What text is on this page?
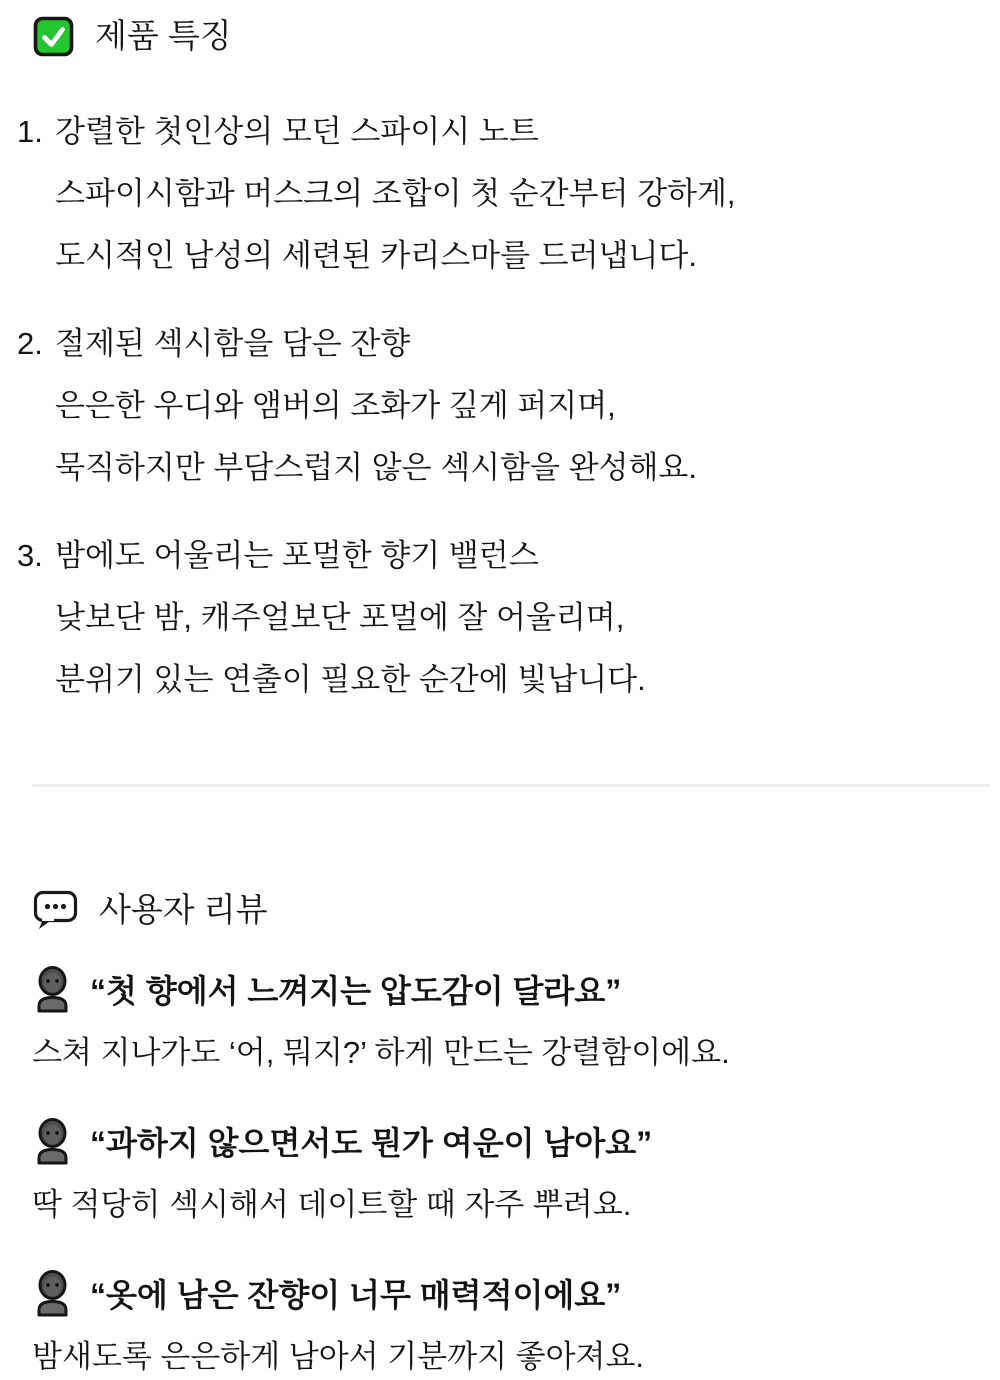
제품 특징
1. 강렬한 첫인상의 모던 스파이시 노트
스파이시함과 머스크의 조합이 첫 순간부터 강하게,
도시적인 남성의 세련된 카리스마를 드러냅니다.
2. 절제된 섹시함을 담은 잔향
은은한 우디와 앰버의 조화가 깊게 퍼지며,
묵직하지만 부담스럽지 않은 섹시함을 완성해요.
3. 밤에도 어울리는 포멀한 향기 밸런스
낮보단 밤, 캐주얼보단 포멀에 잘 어울리며,
분위기 있는 연출이 필요한 순간에 빛납니다.
사용자 리뷰
“첫 향에서 느껴지는 압도감이 달라요”
스쳐 지나가도 ‘어, 뭐지?’ 하게 만드는 강렬함이에요.
“과하지 않으면서도 뭔가 여운이 남아요”
딱 적당히 섹시해서 데이트할 때 자주 뿌려요.
“옷에 남은 잔향이 너무 매력적이에요”
밤새도록 은은하게 남아서 기분까지 좋아져요.
